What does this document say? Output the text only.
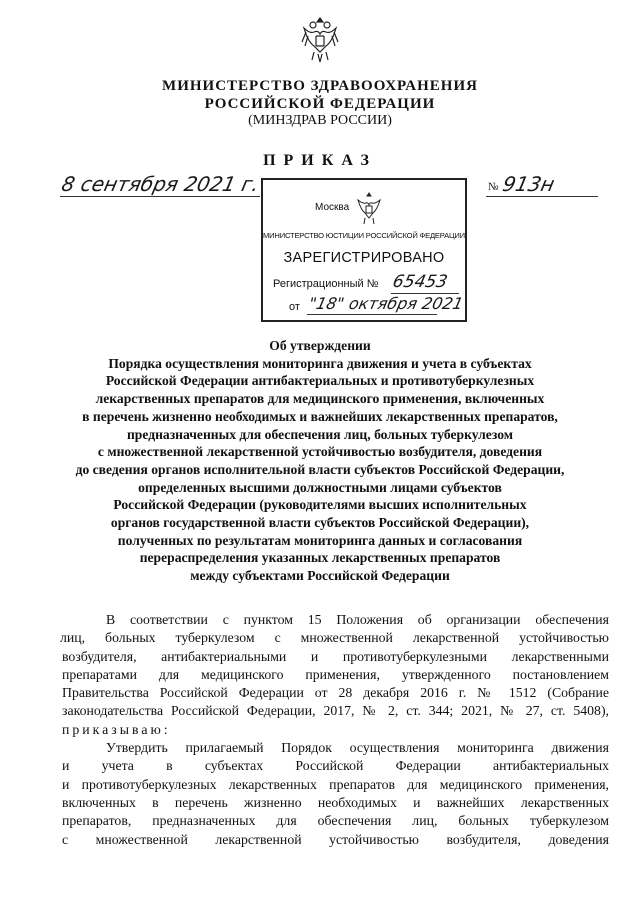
МИНИСТЕРСТВО ЗДРАВООХРАНЕНИЯ
РОССИЙСКОЙ ФЕДЕРАЦИИ
(МИНЗДРАВ РОССИИ)
ПРИКАЗ
8 сентября 2021 г.	№ 913н
Москва
МИНИСТЕРСТВО ЮСТИЦИИ РОССИЙСКОЙ ФЕДЕРАЦИИ
ЗАРЕГИСТРИРОВАНО
Регистрационный № 65453
от "18" октября 2021
Об утверждении
Порядка осуществления мониторинга движения и учета в субъектах
Российской Федерации антибактериальных и противотуберкулезных
лекарственных препаратов для медицинского применения, включенных
в перечень жизненно необходимых и важнейших лекарственных препаратов,
предназначенных для обеспечения лиц, больных туберкулезом
с множественной лекарственной устойчивостью возбудителя, доведения
до сведения органов исполнительной власти субъектов Российской Федерации,
определенных высшими должностными лицами субъектов
Российской Федерации (руководителями высших исполнительных
органов государственной власти субъектов Российской Федерации),
полученных по результатам мониторинга данных и согласования
перераспределения указанных лекарственных препаратов
между субъектами Российской Федерации
В соответствии с пунктом 15 Положения об организации обеспечения
лиц, больных туберкулезом с множественной лекарственной устойчивостью
возбудителя, антибактериальными и противотуберкулезными лекарственными
препаратами для медицинского применения, утвержденного постановлением
Правительства Российской Федерации от 28 декабря 2016 г. № 1512 (Собрание
законодательства Российской Федерации, 2017, № 2, ст. 344; 2021, № 27, ст. 5408),
приказываю:
Утвердить прилагаемый Порядок осуществления мониторинга движения
и учета в субъектах Российской Федерации антибактериальных
и противотуберкулезных лекарственных препаратов для медицинского применения,
включенных в перечень жизненно необходимых и важнейших лекарственных
препаратов, предназначенных для обеспечения лиц, больных туберкулезом
с множественной лекарственной устойчивостью возбудителя, доведения
